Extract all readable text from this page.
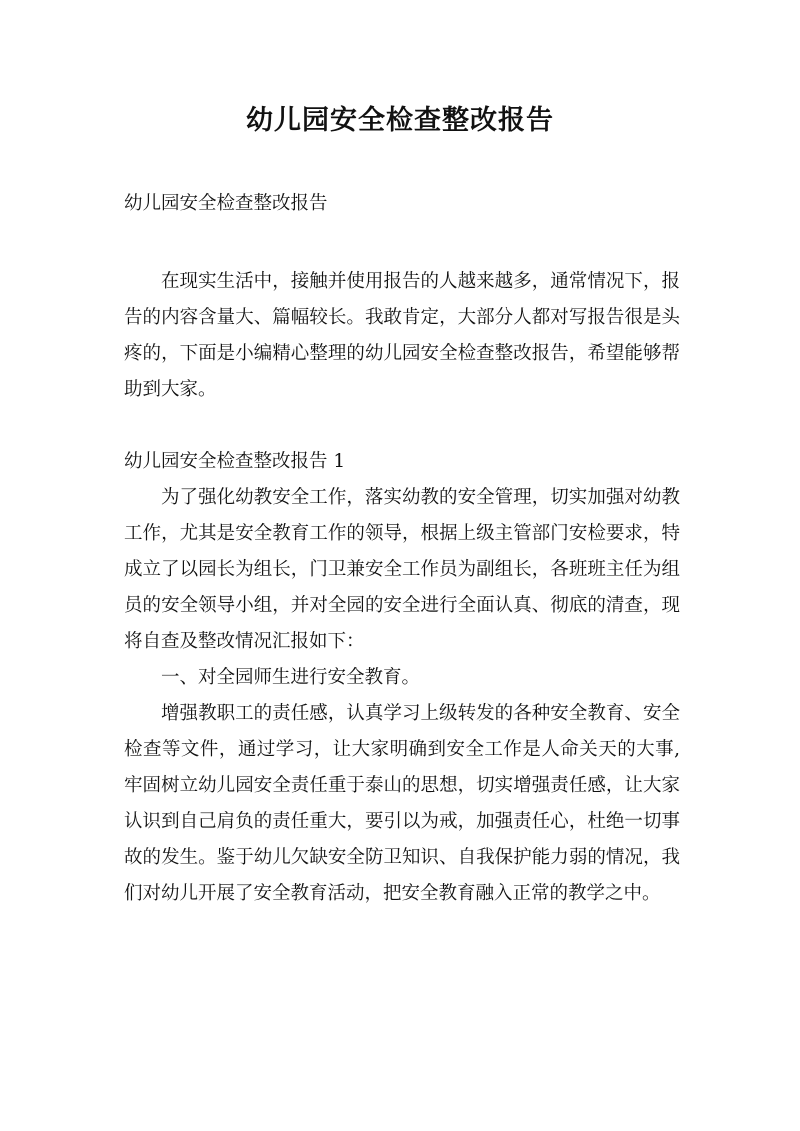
幼儿园安全检查整改报告

幼儿园安全检查整改报告

在现实生活中，接触并使用报告的人越来越多，通常情况下，报告的内容含量大、篇幅较长。我敢肯定，大部分人都对写报告很是头疼的，下面是小编精心整理的幼儿园安全检查整改报告，希望能够帮助到大家。

幼儿园安全检查整改报告 1

为了强化幼教安全工作，落实幼教的安全管理，切实加强对幼教工作，尤其是安全教育工作的领导，根据上级主管部门安检要求，特成立了以园长为组长，门卫兼安全工作员为副组长，各班班主任为组员的安全领导小组，并对全园的安全进行全面认真、彻底的清查，现将自查及整改情况汇报如下：

一、对全园师生进行安全教育。

增强教职工的责任感，认真学习上级转发的各种安全教育、安全检查等文件，通过学习，让大家明确到安全工作是人命关天的大事,牢固树立幼儿园安全责任重于泰山的思想，切实增强责任感，让大家认识到自己肩负的责任重大，要引以为戒，加强责任心，杜绝一切事故的发生。鉴于幼儿欠缺安全防卫知识、自我保护能力弱的情况，我们对幼儿开展了安全教育活动，把安全教育融入正常的教学之中。
